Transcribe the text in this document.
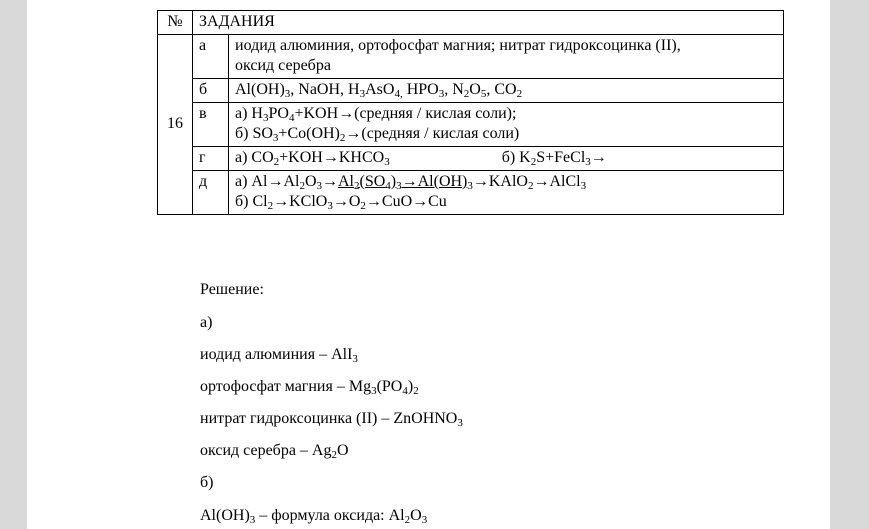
№	ЗАДАНИЯ	
16	а	иодид алюминия, ортофосфат магния; нитрат гидроксоцинка (II),
оксид серебра

	б	$Al(OH)_3$, NaOH, $H_3AsO_{4,}$ $HPO_3$, $N_2O_5$, $CO_2$

	в	а) $H_3PO_4+KOH\to(средняя$ / кислая соли);
б) $SO_3+Co(OH)_2\to(средняя$ / кислая соли)

	г	а) $CO_2+KOH\to KHCO_3$ б) $K_2S+FeCl_3\to$

	д	а) $Al\to Al_2O_3\to Al_2(SO_4)_3\to Al(OH)_3\to KAlO_2\to AlCl_3$
б) $Cl_2\to KClO_3\to O_2\to CuO\to Cu$
Решение:
а)
иодид алюминия – AlI$_3$
ортофосфат магния – $Mg_3(PO_4)_2$
нитрат гидроксоцинка (II) – ZnOHNO$_3$
оксид серебра – $Ag_2O$
б)
$Al(OH)_3$ – формула оксида: $Al_2O_3$
